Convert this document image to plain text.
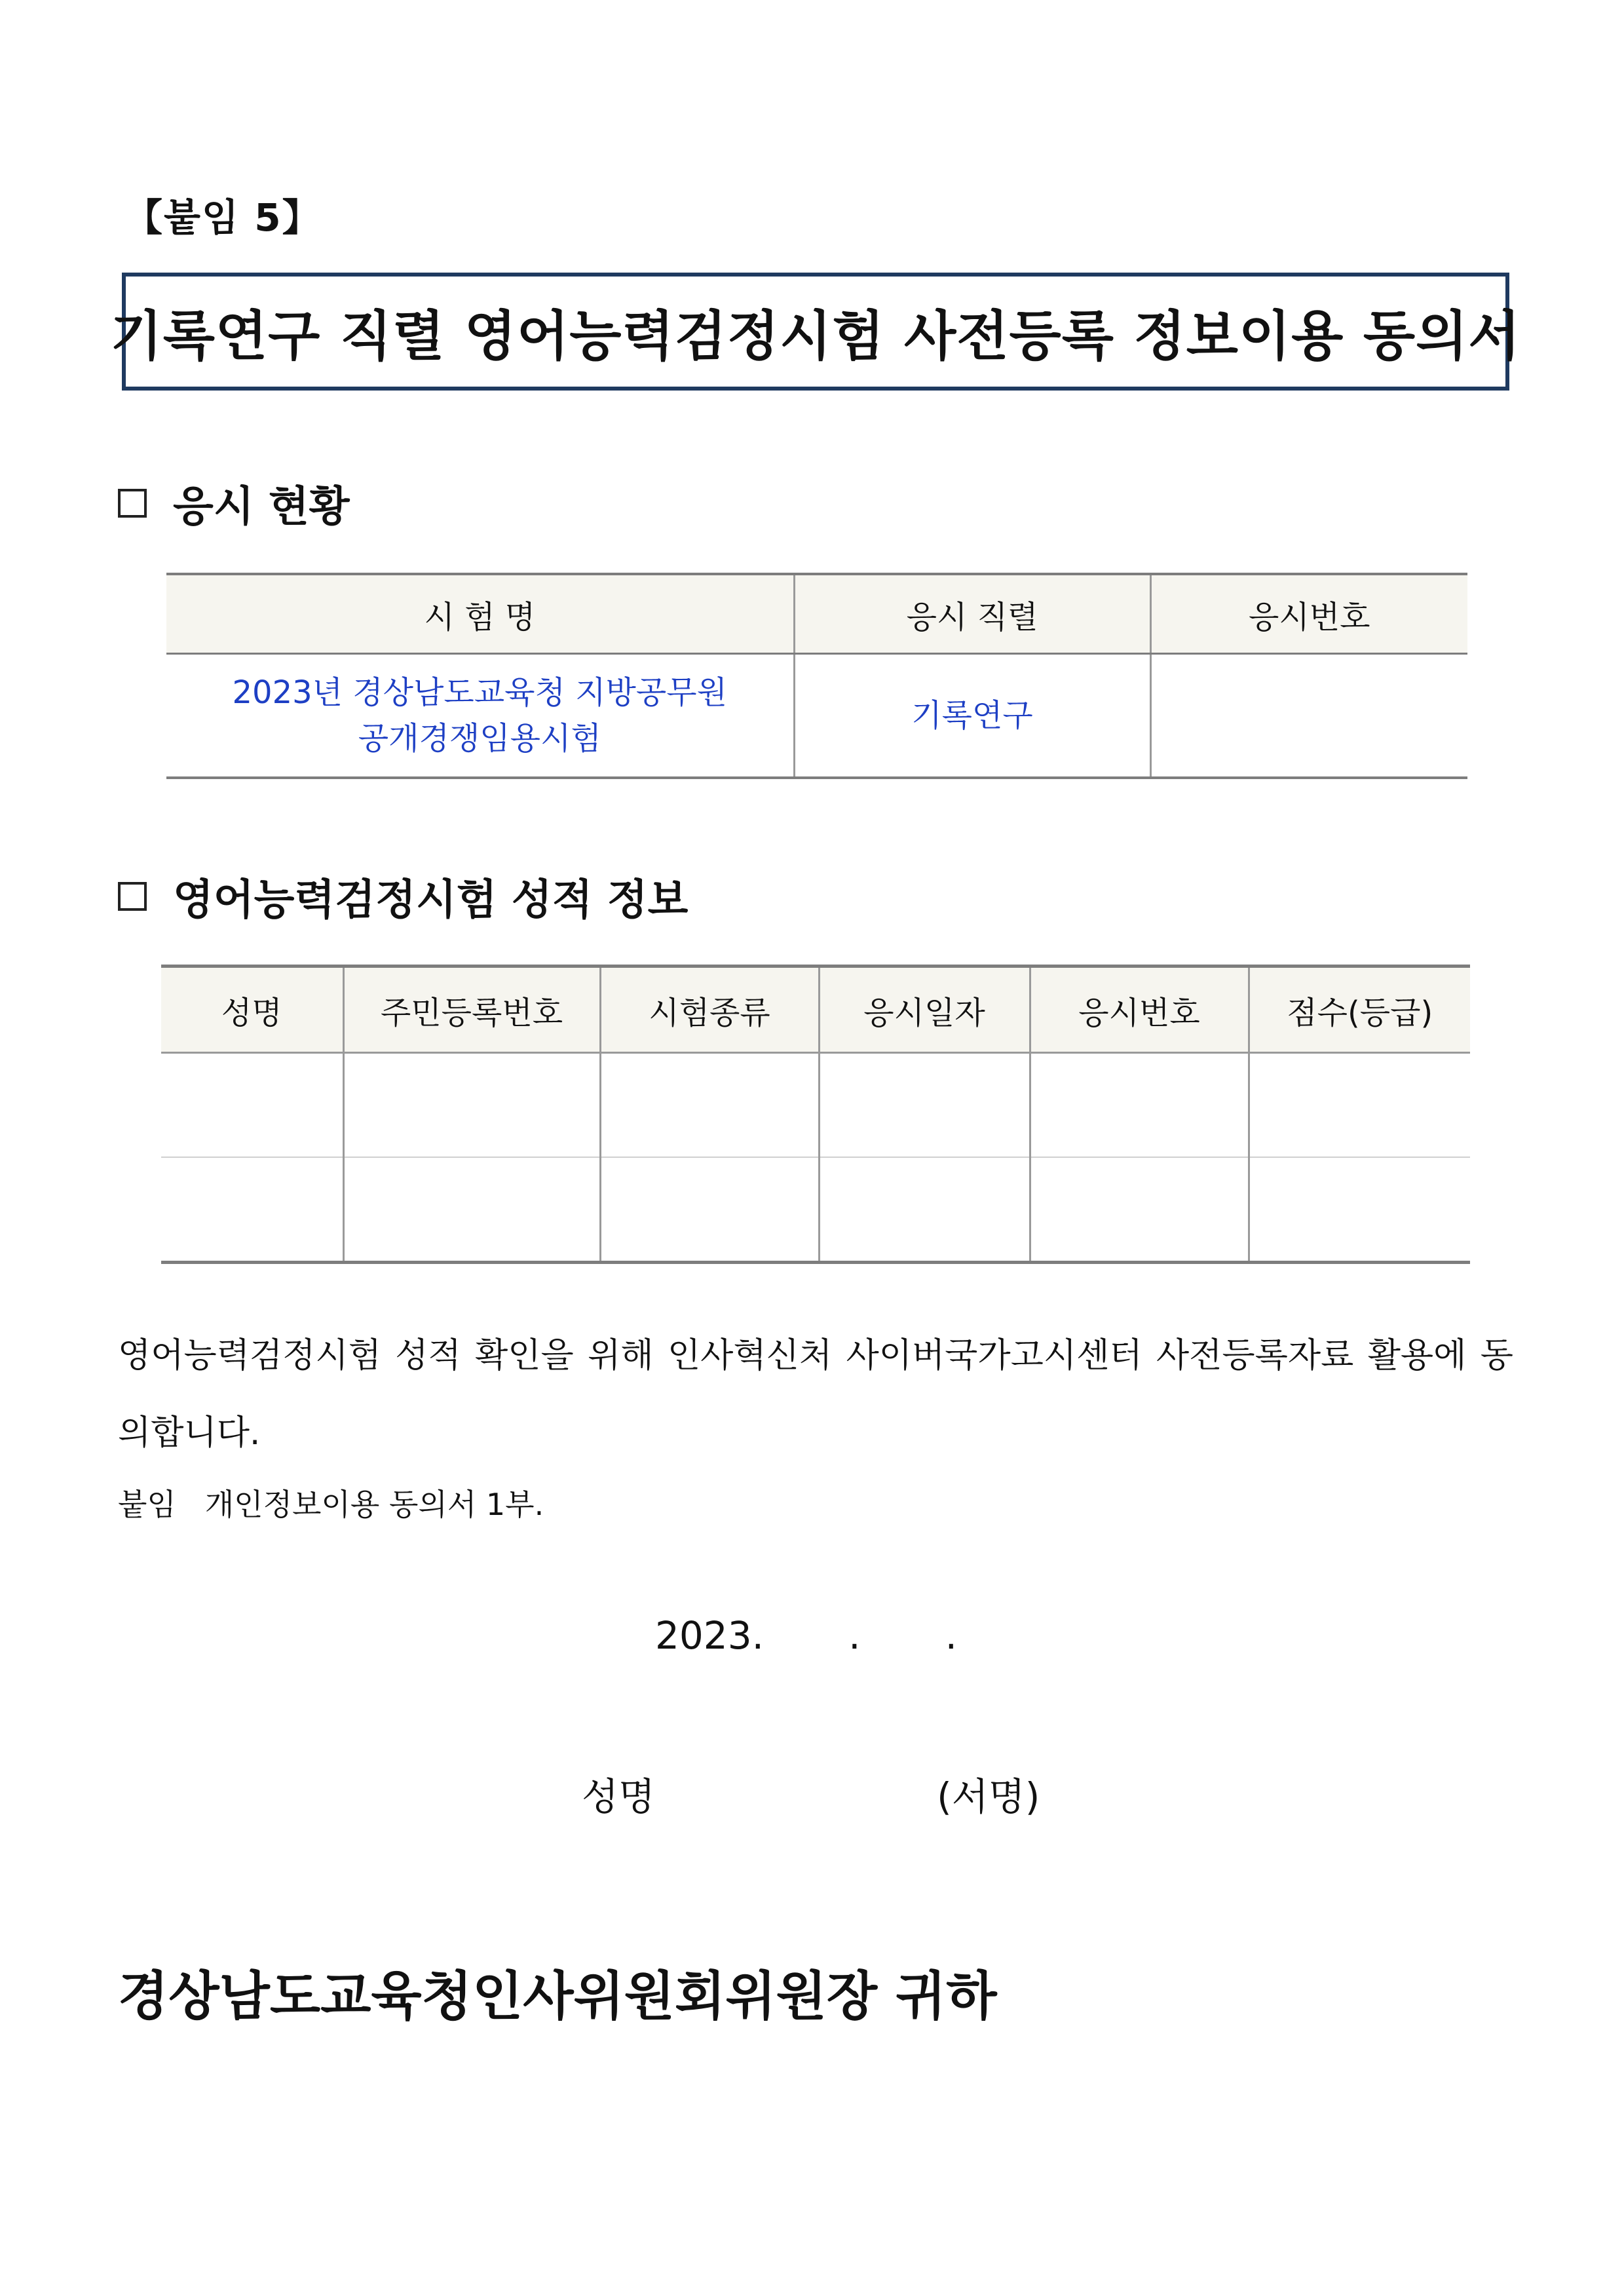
【붙임 5】
기록연구 직렬 영어능력검정시험 사전등록 정보이용 동의서
응시 현황
시 험 명	응시 직렬	응시번호

2023년 경상남도교육청 지방공무원
공개경쟁임용시험	기록연구	
영어능력검정시험 성적 정보
성명	주민등록번호	시험종류	응시일자	응시번호	점수(등급)

영어능력검정시험 성적 확인을 위해 인사혁신처 사이버국가고시센터 사전등록자료 활용에 동의합니다.
붙임   개인정보이용 동의서 1부.
2023.       .       .
성명	(서명)
경상남도교육청인사위원회위원장 귀하
